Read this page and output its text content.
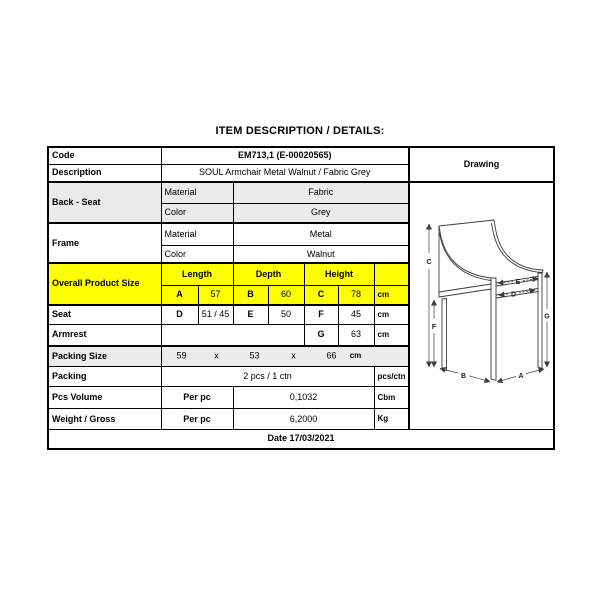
ITEM DESCRIPTION / DETAILS:
Code	EM713,1 (E-00020565)							Drawing
Description	SOUL Armchair Metal Walnut / Fabric Grey							
Back - Seat	Material	Fabric	
C
F
G
E
D
A
B

	Color		Grey					
Frame	Material		Metal					
	Color		Walnut					
Overall Product Size	Length		Depth		Height			
	A	57	B	60	C	78	cm	
Seat	D	51 / 45	E	50	F	45	cm	
Armrest					G	63	cm	
Packing Size	59	x	53	x	66 cm

Packing	2 pcs / 1 ctn						pcs/ctn	
Pcs Volume	Per pc		0,1032				Cbm	
Weight / Gross	Per pc		6,2000				Kg	
Date 17/03/2021								
